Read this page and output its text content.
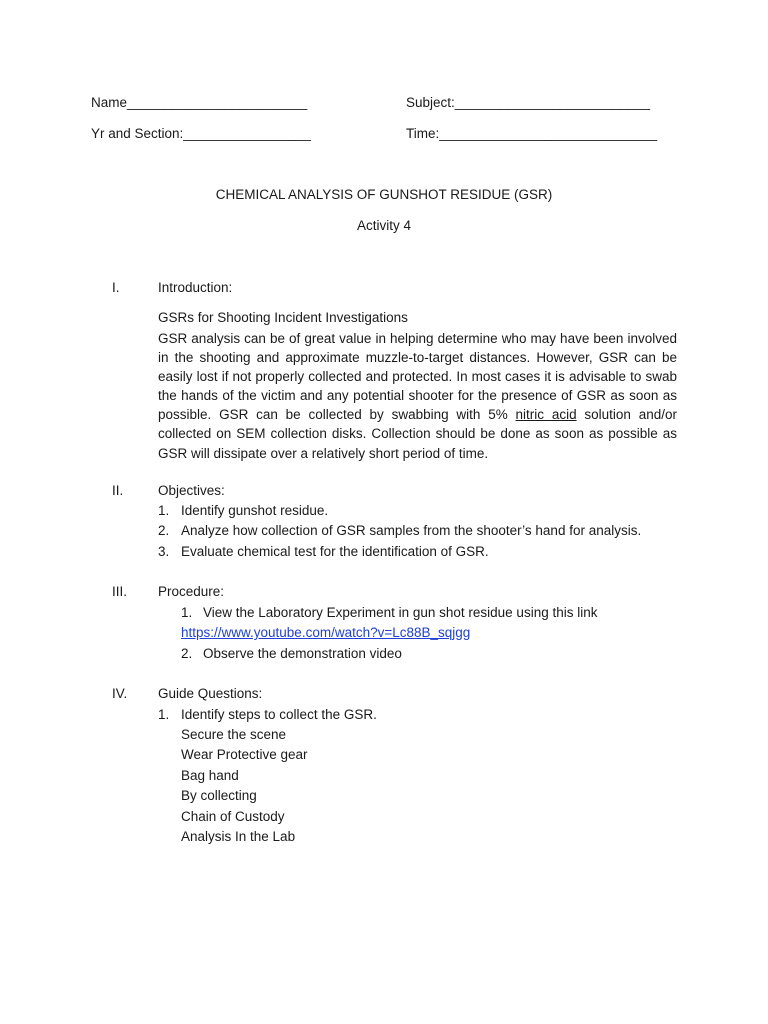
Name________________________	Subject:__________________________
Yr and Section:_________________	Time:_____________________________
CHEMICAL ANALYSIS OF GUNSHOT RESIDUE (GSR)
Activity 4
I.	Introduction:
GSRs for Shooting Incident Investigations

GSR analysis can be of great value in helping determine who may have been involved in the shooting and approximate muzzle-to-target distances. However, GSR can be easily lost if not properly collected and protected. In most cases it is advisable to swab the hands of the victim and any potential shooter for the presence of GSR as soon as possible. GSR can be collected by swabbing with 5% nitric acid solution and/or collected on SEM collection disks. Collection should be done as soon as possible as GSR will dissipate over a relatively short period of time.

II.	Objectives:
1. Identify gunshot residue.
2. Analyze how collection of GSR samples from the shooter’s hand for analysis.
3. Evaluate chemical test for the identification of GSR.
III. Procedure:
1. View the Laboratory Experiment in gun shot residue using this link
https://www.youtube.com/watch?v=Lc88B_sqjgg
2. Observe the demonstration video
IV. Guide Questions:
1. Identify steps to collect the GSR.
Secure the scene
Wear Protective gear
Bag hand
By collecting
Chain of Custody
Analysis In the Lab
